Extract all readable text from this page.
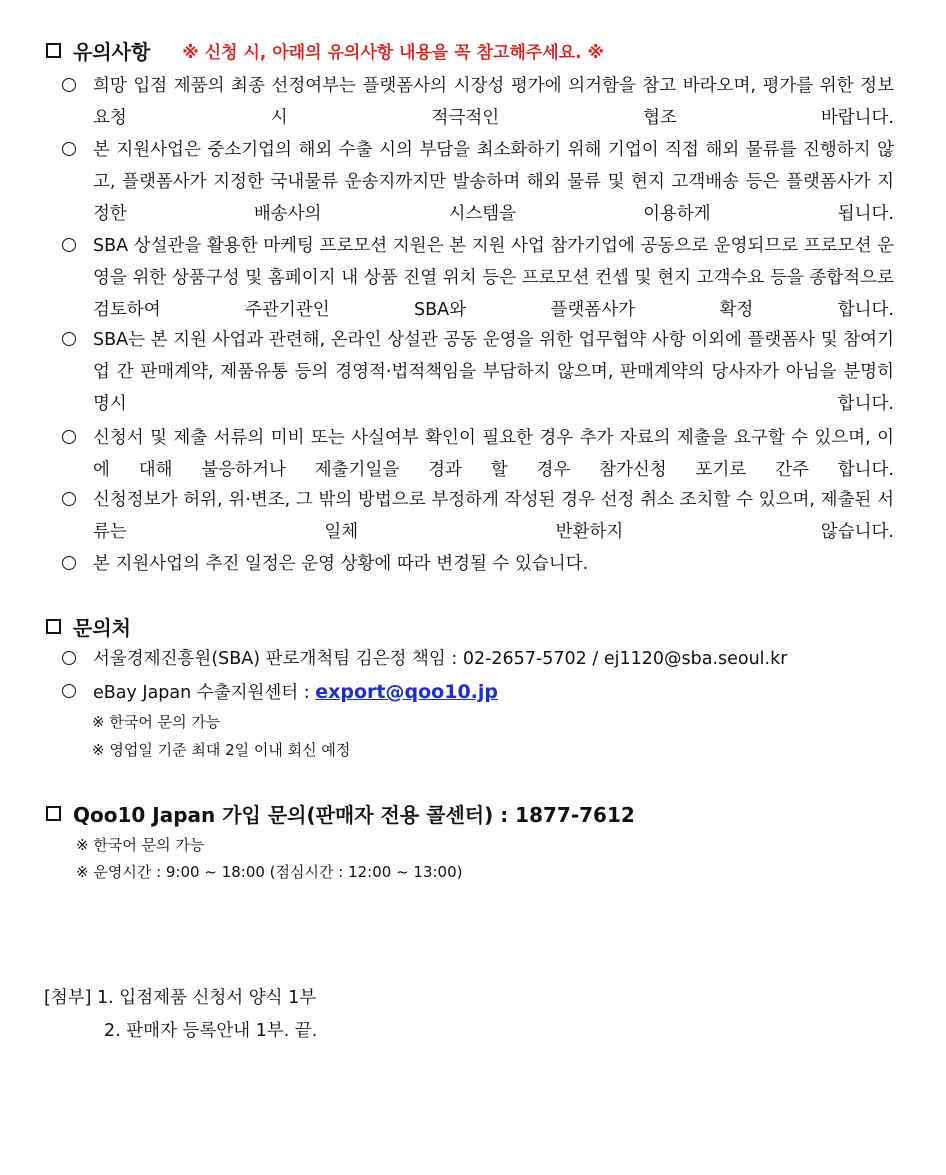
유의사항 ※ 신청 시, 아래의 유의사항 내용을 꼭 참고해주세요. ※
희망 입점 제품의 최종 선정여부는 플랫폼사의 시장성 평가에 의거함을 참고 바라오며, 평가를 위한 정보요청 시 적극적인 협조 바랍니다.
본 지원사업은 중소기업의 해외 수출 시의 부담을 최소화하기 위해 기업이 직접 해외 물류를 진행하지 않고, 플랫폼사가 지정한 국내물류 운송지까지만 발송하며 해외 물류 및 현지 고객배송 등은 플랫폼사가 지정한 배송사의 시스템을 이용하게 됩니다.
SBA 상설관을 활용한 마케팅 프로모션 지원은 본 지원 사업 참가기업에 공동으로 운영되므로 프로모션 운영을 위한 상품구성 및 홈페이지 내 상품 진열 위치 등은 프로모션 컨셉 및 현지 고객수요 등을 종합적으로 검토하여 주관기관인 SBA와 플랫폼사가 확정 합니다.
SBA는 본 지원 사업과 관련해, 온라인 상설관 공동 운영을 위한 업무협약 사항 이외에 플랫폼사 및 참여기업 간 판매계약, 제품유통 등의 경영적·법적책임을 부담하지 않으며, 판매계약의 당사자가 아님을 분명히 명시 합니다.
신청서 및 제출 서류의 미비 또는 사실여부 확인이 필요한 경우 추가 자료의 제출을 요구할 수 있으며, 이에 대해 불응하거나 제출기일을 경과 할 경우 참가신청 포기로 간주 합니다.
신청정보가 허위, 위·변조, 그 밖의 방법으로 부정하게 작성된 경우 선정 취소 조치할 수 있으며, 제출된 서류는 일체 반환하지 않습니다.
본 지원사업의 추진 일정은 운영 상황에 따라 변경될 수 있습니다.
문의처
서울경제진흥원(SBA) 판로개척팀 김은정 책임 : 02-2657-5702 / ej1120@sba.seoul.kr
eBay Japan 수출지원센터 : export@qoo10.jp
※ 한국어 문의 가능
※ 영업일 기준 최대 2일 이내 회신 예정
Qoo10 Japan 가입 문의(판매자 전용 콜센터) : 1877-7612
※ 한국어 문의 가능
※ 운영시간 : 9:00 ~ 18:00 (점심시간 : 12:00 ~ 13:00)
[첨부] 1. 입점제품 신청서 양식 1부
2. 판매자 등록안내 1부. 끝.
